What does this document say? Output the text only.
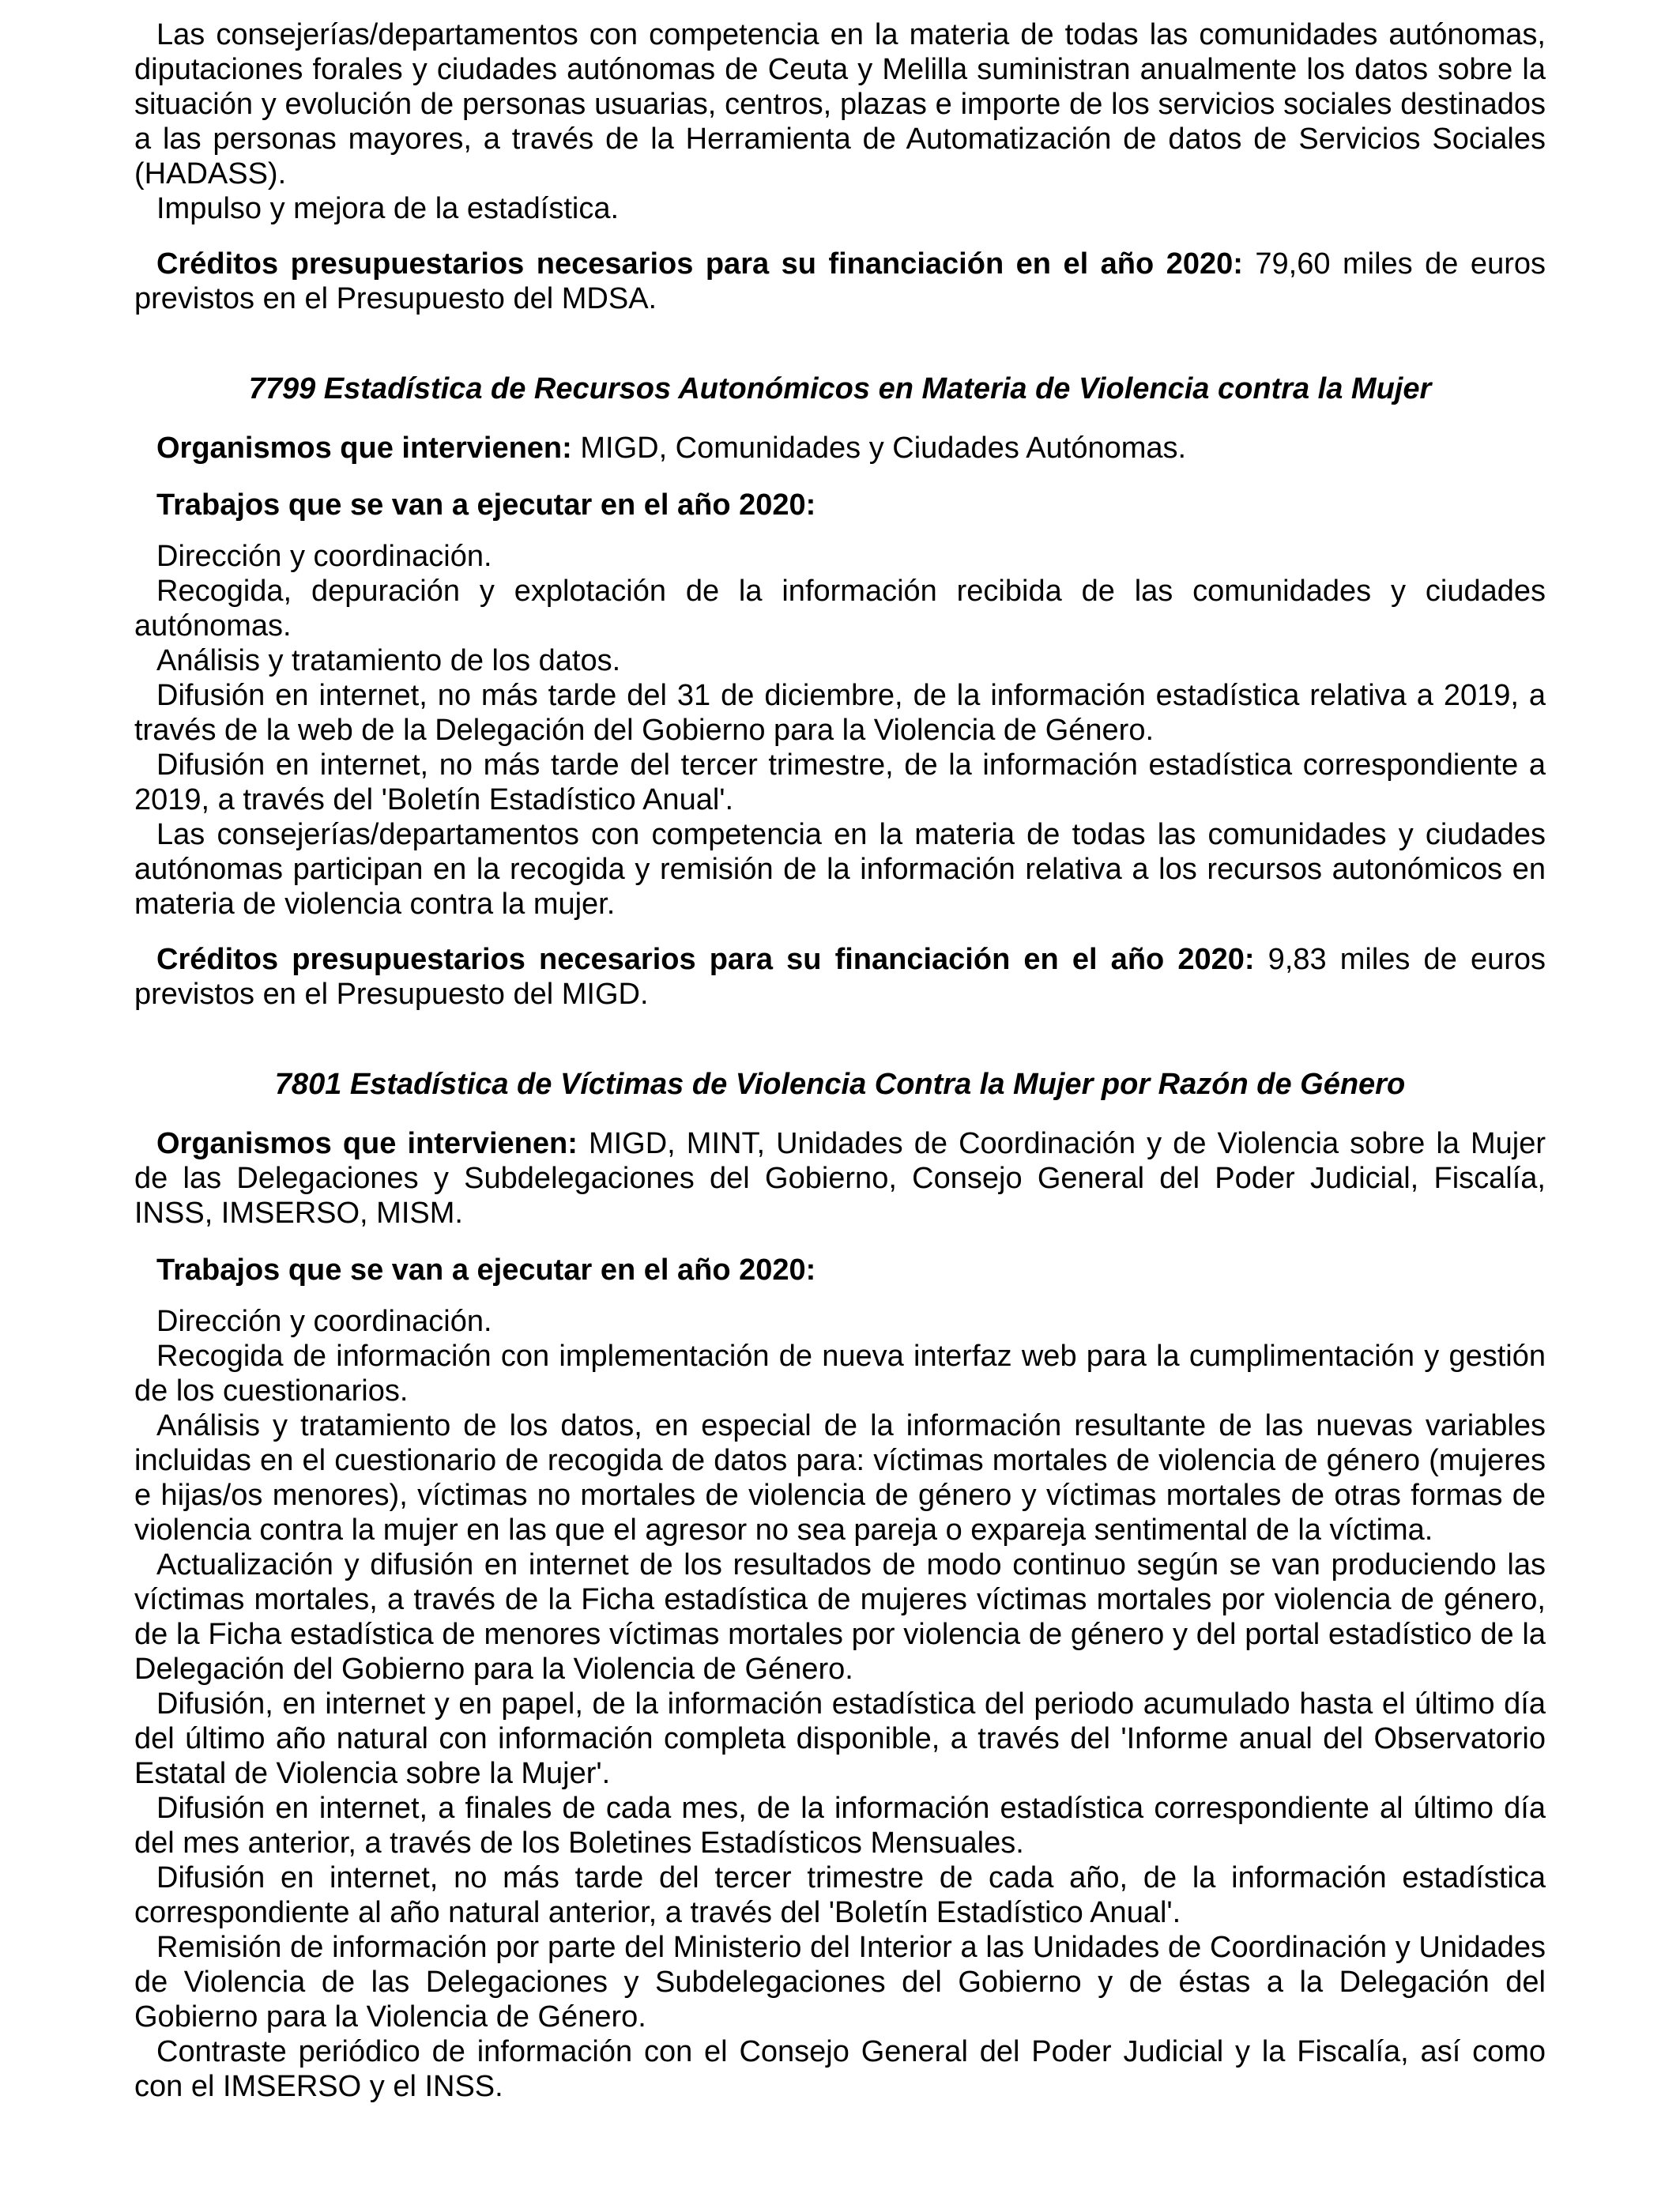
Las consejerías/departamentos con competencia en la materia de todas las comunidades autónomas, diputaciones forales y ciudades autónomas de Ceuta y Melilla suministran anualmente los datos sobre la situación y evolución de personas usuarias, centros, plazas e importe de los servicios sociales destinados a las personas mayores, a través de la Herramienta de Automatización de datos de Servicios Sociales (HADASS).

Impulso y mejora de la estadística.

Créditos presupuestarios necesarios para su financiación en el año 2020: 79,60 miles de euros previstos en el Presupuesto del MDSA.

7799 Estadística de Recursos Autonómicos en Materia de Violencia contra la Mujer

Organismos que intervienen: MIGD, Comunidades y Ciudades Autónomas.

Trabajos que se van a ejecutar en el año 2020:

Dirección y coordinación.

Recogida, depuración y explotación de la información recibida de las comunidades y ciudades autónomas.

Análisis y tratamiento de los datos.

Difusión en internet, no más tarde del 31 de diciembre, de la información estadística relativa a 2019, a través de la web de la Delegación del Gobierno para la Violencia de Género.

Difusión en internet, no más tarde del tercer trimestre, de la información estadística correspondiente a 2019, a través del 'Boletín Estadístico Anual'.

Las consejerías/departamentos con competencia en la materia de todas las comunidades y ciudades autónomas participan en la recogida y remisión de la información relativa a los recursos autonómicos en materia de violencia contra la mujer.

Créditos presupuestarios necesarios para su financiación en el año 2020: 9,83 miles de euros previstos en el Presupuesto del MIGD.

7801 Estadística de Víctimas de Violencia Contra la Mujer por Razón de Género

Organismos que intervienen: MIGD, MINT, Unidades de Coordinación y de Violencia sobre la Mujer de las Delegaciones y Subdelegaciones del Gobierno, Consejo General del Poder Judicial, Fiscalía, INSS, IMSERSO, MISM.

Trabajos que se van a ejecutar en el año 2020:

Dirección y coordinación.

Recogida de información con implementación de nueva interfaz web para la cumplimentación y gestión de los cuestionarios.

Análisis y tratamiento de los datos, en especial de la información resultante de las nuevas variables incluidas en el cuestionario de recogida de datos para: víctimas mortales de violencia de género (mujeres e hijas/os menores), víctimas no mortales de violencia de género y víctimas mortales de otras formas de violencia contra la mujer en las que el agresor no sea pareja o expareja sentimental de la víctima.

Actualización y difusión en internet de los resultados de modo continuo según se van produciendo las víctimas mortales, a través de la Ficha estadística de mujeres víctimas mortales por violencia de género, de la Ficha estadística de menores víctimas mortales por violencia de género y del portal estadístico de la Delegación del Gobierno para la Violencia de Género.

Difusión, en internet y en papel, de la información estadística del periodo acumulado hasta el último día del último año natural con información completa disponible, a través del 'Informe anual del Observatorio Estatal de Violencia sobre la Mujer'.

Difusión en internet, a finales de cada mes, de la información estadística correspondiente al último día del mes anterior, a través de los Boletines Estadísticos Mensuales.

Difusión en internet, no más tarde del tercer trimestre de cada año, de la información estadística correspondiente al año natural anterior, a través del 'Boletín Estadístico Anual'.

Remisión de información por parte del Ministerio del Interior a las Unidades de Coordinación y Unidades de Violencia de las Delegaciones y Subdelegaciones del Gobierno y de éstas a la Delegación del Gobierno para la Violencia de Género.

Contraste periódico de información con el Consejo General del Poder Judicial y la Fiscalía, así como con el IMSERSO y el INSS.
